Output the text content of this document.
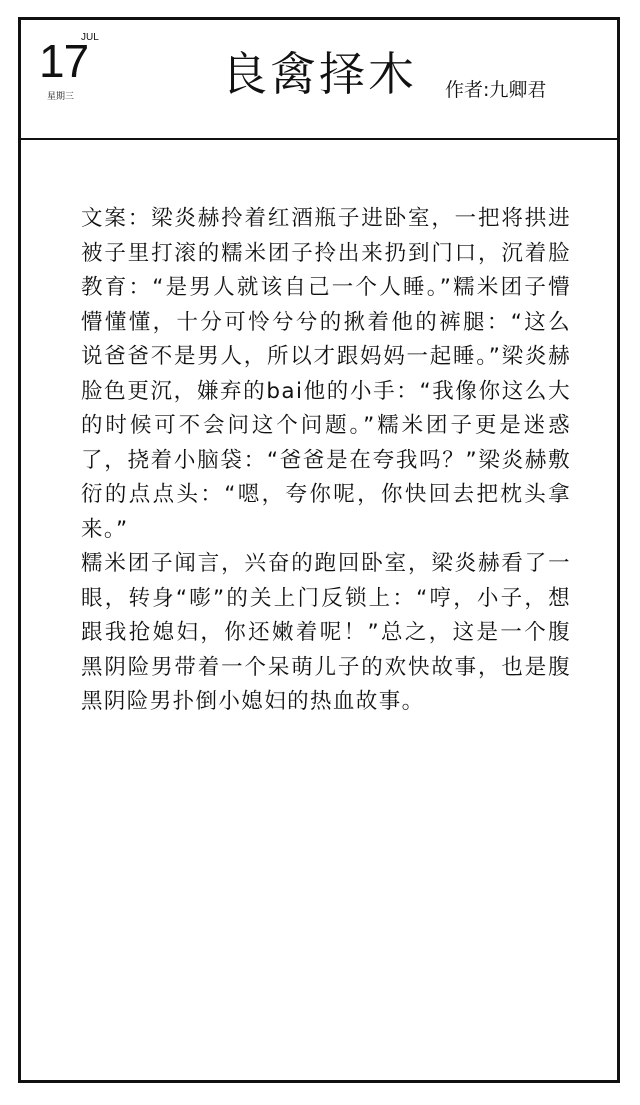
17
JUL
星期三	良禽择木 作者:九卿君

文案：梁炎赫拎着红酒瓶子进卧室，一把将拱进被子里打滚的糯米团子拎出来扔到门口，沉着脸教育：“是男人就该自己一个人睡。”糯米团子懵懵懂懂，十分可怜兮兮的揪着他的裤腿：“这么说爸爸不是男人，所以才跟妈妈一起睡。”梁炎赫脸色更沉，嫌弃的bai他的小手：“我像你这么大的时候可不会问这个问题。”糯米团子更是迷惑了，挠着小脑袋：“爸爸是在夸我吗？”梁炎赫敷衍的点点头：“嗯，夸你呢，你快回去把枕头拿来。”

糯米团子闻言，兴奋的跑回卧室，梁炎赫看了一眼，转身“嘭”的关上门反锁上：“哼，小子，想跟我抢媳妇，你还嫩着呢！”总之，这是一个腹黑阴险男带着一个呆萌儿子的欢快故事，也是腹黑阴险男扑倒小媳妇的热血故事。
